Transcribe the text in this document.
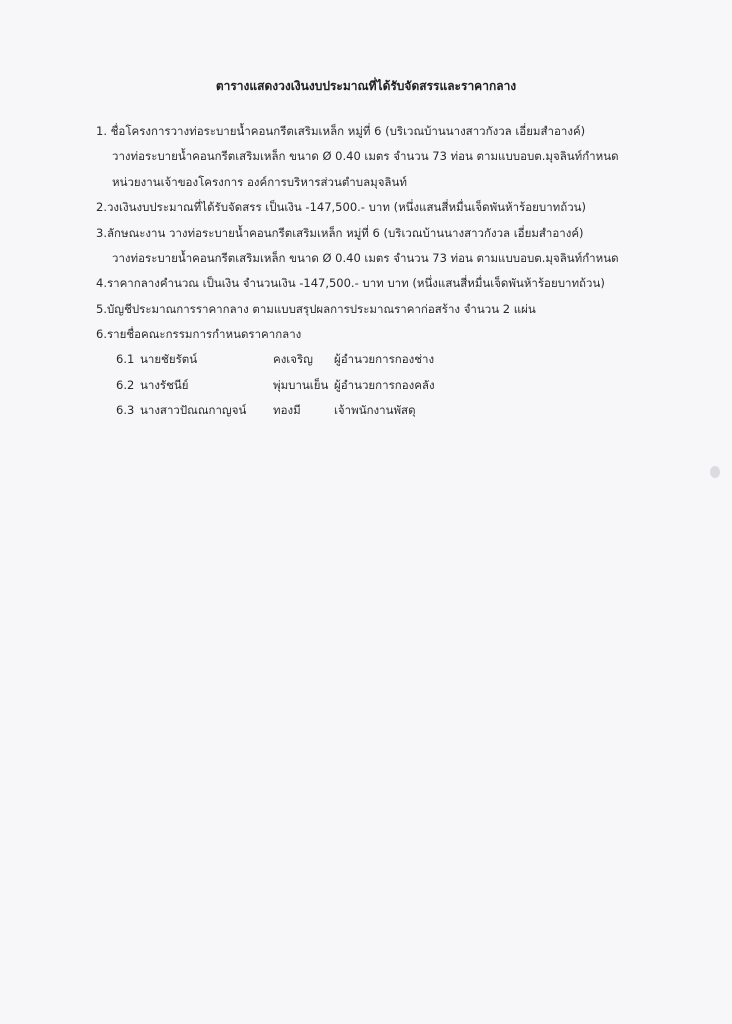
ตารางแสดงวงเงินงบประมาณที่ได้รับจัดสรรและราคากลาง
1. ชื่อโครงการวางท่อระบายน้ำคอนกรีตเสริมเหล็ก หมู่ที่ 6 (บริเวณบ้านนางสาวกังวล เอี่ยมสำอางค์)
วางท่อระบายน้ำคอนกรีตเสริมเหล็ก ขนาด Ø 0.40 เมตร จำนวน 73 ท่อน ตามแบบอบต.มุจลินท์กำหนด
หน่วยงานเจ้าของโครงการ องค์การบริหารส่วนตำบลมุจลินท์
2.วงเงินงบประมาณที่ได้รับจัดสรร เป็นเงิน -147,500.- บาท (หนึ่งแสนสี่หมื่นเจ็ดพันห้าร้อยบาทถ้วน)
3.ลักษณะงาน วางท่อระบายน้ำคอนกรีตเสริมเหล็ก หมู่ที่ 6 (บริเวณบ้านนางสาวกังวล เอี่ยมสำอางค์)
วางท่อระบายน้ำคอนกรีตเสริมเหล็ก ขนาด Ø 0.40 เมตร จำนวน 73 ท่อน ตามแบบอบต.มุจลินท์กำหนด
4.ราคากลางคำนวณ เป็นเงิน จำนวนเงิน -147,500.- บาท บาท (หนึ่งแสนสี่หมื่นเจ็ดพันห้าร้อยบาทถ้วน)
5.บัญชีประมาณการราคากลาง ตามแบบสรุปผลการประมาณราคาก่อสร้าง จำนวน 2 แผ่น
6.รายชื่อคณะกรรมการกำหนดราคากลาง
6.1 นายชัยรัตน์	คงเจริญ ผู้อำนวยการกองช่าง
6.2 นางรัชนีย์	พุ่มบานเย็น ผู้อำนวยการกองคลัง
6.3 นางสาวปัณณกาญจน์ ทองมี	เจ้าพนักงานพัสดุ
